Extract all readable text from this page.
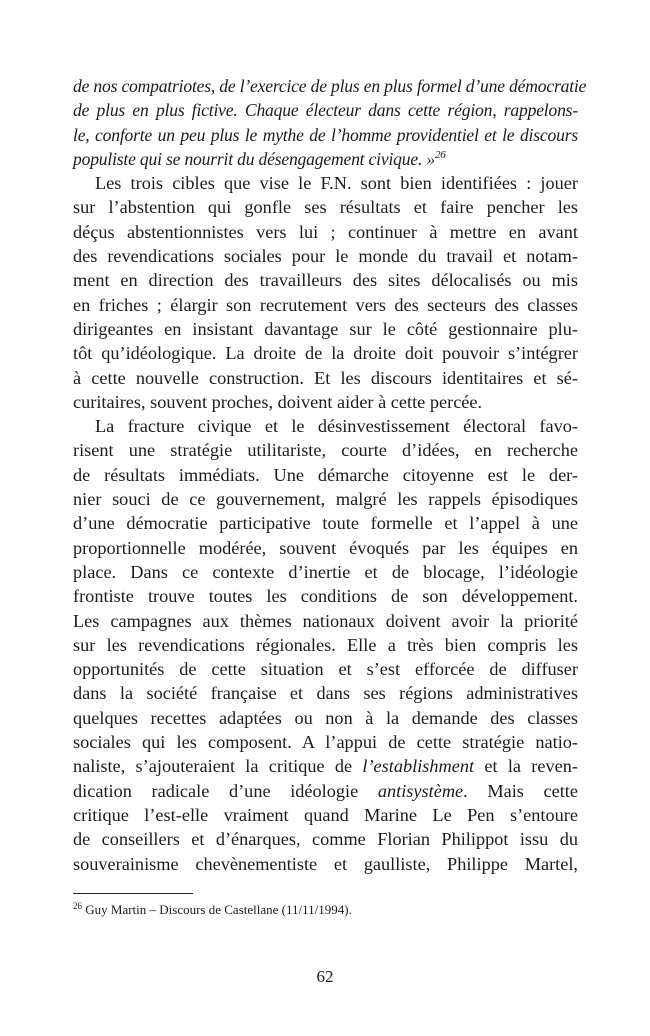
de nos compatriotes, de l’exercice de plus en plus formel d’une démocratie
de plus en plus fictive. Chaque électeur dans cette région, rappelons-
le, conforte un peu plus le mythe de l’homme providentiel et le discours
populiste qui se nourrit du désengagement civique. »$^{26}$
Les trois cibles que vise le F.N. sont bien identifiées : jouer
sur l’abstention qui gonfle ses résultats et faire pencher les
déçus abstentionnistes vers lui ; continuer à mettre en avant
des revendications sociales pour le monde du travail et notam-
ment en direction des travailleurs des sites délocalisés ou mis
en friches ; élargir son recrutement vers des secteurs des classes
dirigeantes en insistant davantage sur le côté gestionnaire plu-
tôt qu’idéologique. La droite de la droite doit pouvoir s’intégrer
à cette nouvelle construction. Et les discours identitaires et sé-
curitaires, souvent proches, doivent aider à cette percée.
La fracture civique et le désinvestissement électoral favo-
risent une stratégie utilitariste, courte d’idées, en recherche
de résultats immédiats. Une démarche citoyenne est le der-
nier souci de ce gouvernement, malgré les rappels épisodiques
d’une démocratie participative toute formelle et l’appel à une
proportionnelle modérée, souvent évoqués par les équipes en
place. Dans ce contexte d’inertie et de blocage, l’idéologie
frontiste trouve toutes les conditions de son développement.
Les campagnes aux thèmes nationaux doivent avoir la priorité
sur les revendications régionales. Elle a très bien compris les
opportunités de cette situation et s’est efforcée de diffuser
dans la société française et dans ses régions administratives
quelques recettes adaptées ou non à la demande des classes
sociales qui les composent. A l’appui de cette stratégie natio-
naliste, s’ajouteraient la critique de l’establishment et la reven-
dication radicale d’une idéologie antisystème. Mais cette
critique l’est-elle vraiment quand Marine Le Pen s’entoure
de conseillers et d’énarques, comme Florian Philippot issu du
souverainisme chevènementiste et gaulliste, Philippe Martel,
$^{26}$ Guy Martin – Discours de Castellane (11/11/1994).
62
